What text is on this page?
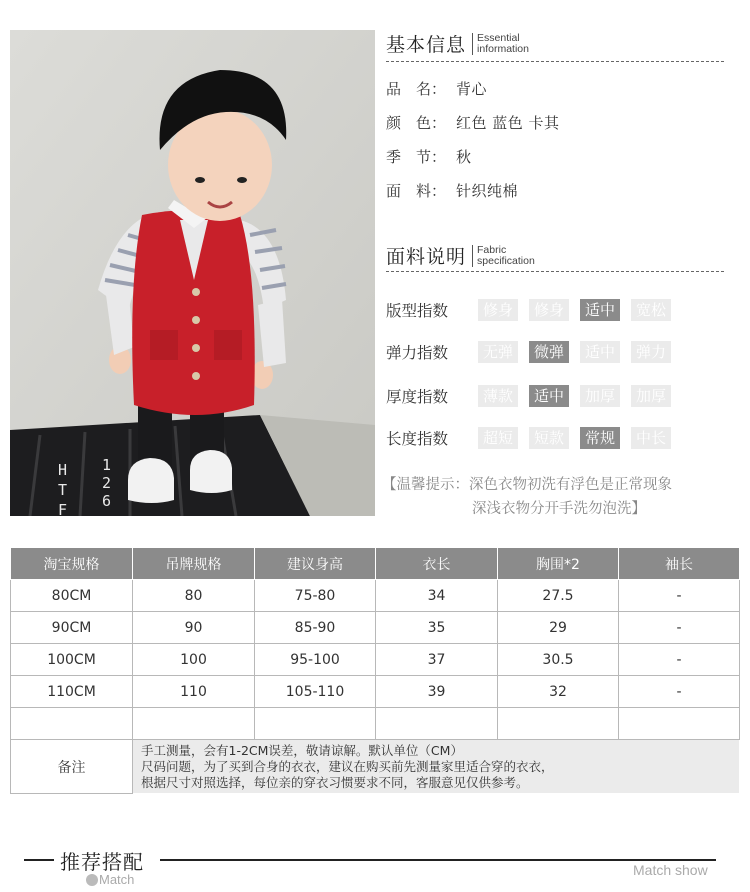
H
T
F
1
2
6
基本信息	Essential
information
品　名： 背心
颜　色： 红色 蓝色 卡其
季　节： 秋
面　料： 针织纯棉
面料说明	Fabric
specification
版型指数	修身	修身	适中	宽松
弹力指数	无弹	微弹	适中	弹力
厚度指数	薄款	适中	加厚	加厚
长度指数	超短	短款	常规	中长
【温馨提示：深色衣物初洗有浮色是正常现象
深浅衣物分开手洗勿泡洗】
淘宝规格	吊牌规格	建议身高	衣长	胸围*2	袖长
80CM	80	75-80	34	27.5	-
90CM	90	85-90	35	29	-
100CM	100	95-100	37	30.5	-
110CM	110	105-110	39	32	-

备注	手工测量，会有1-2CM误差，敬请谅解。默认单位（CM）
尺码问题，为了买到合身的衣衣，建议在购买前先测量家里适合穿的衣衣，
根据尺寸对照选择，每位亲的穿衣习惯要求不同，客服意见仅供参考。				
推荐搭配
Match
Match show
